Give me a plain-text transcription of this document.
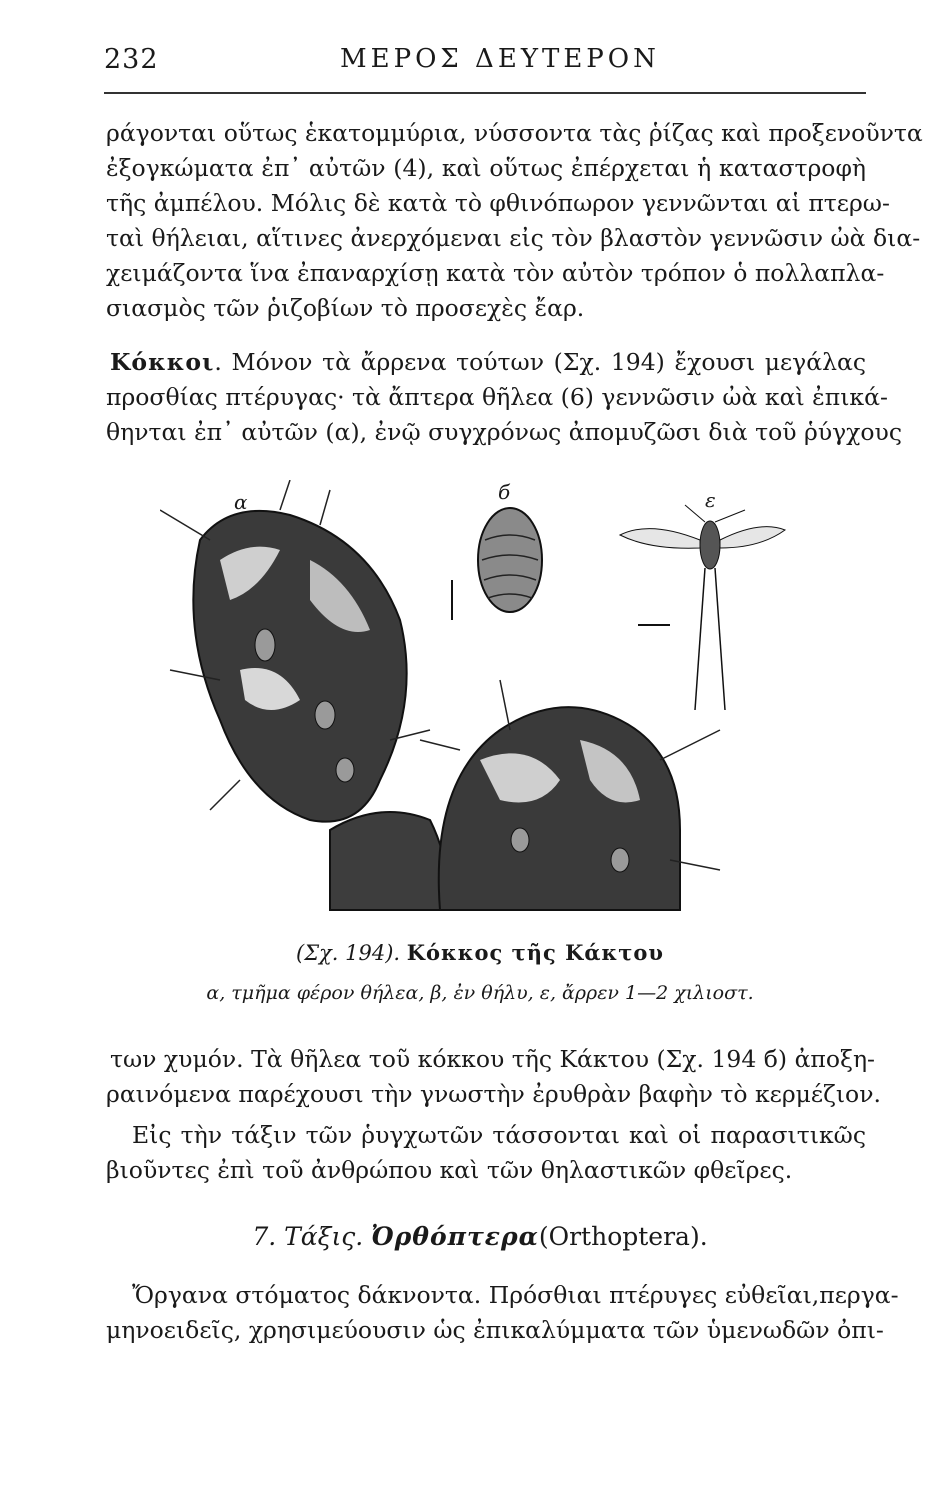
232	ΜΕΡΟΣ ΔΕΥΤΕΡΟΝ
ράγονται οὕτως ἑκατομμύρια, νύσσοντα τὰς ῥίζας καὶ προξενοῦντα
ἐξογκώματα ἐπ᾽ αὐτῶν (4), καὶ οὕτως ἐπέρχεται ἡ καταστροφὴ
τῆς ἀμπέλου. Μόλις δὲ κατὰ τὸ φθινόπωρον γεννῶνται αἱ πτερω-
ταὶ θήλειαι, αἵτινες ἀνερχόμεναι εἰς τὸν βλαστὸν γεννῶσιν ὠὰ δια-
χειμάζοντα ἵνα ἐπαναρχίσῃ κατὰ τὸν αὐτὸν τρόπον ὁ πολλαπλα-
σιασμὸς τῶν ῥιζοβίων τὸ προσεχὲς ἔαρ.
Κόκκοι. Μόνον τὰ ἄρρενα τούτων (Σχ. 194) ἔχουσι μεγάλας
προσθίας πτέρυγας· τὰ ἄπτερα θῆλεα (6) γεννῶσιν ὠὰ καὶ ἐπικά-
θηνται ἐπ᾽ αὐτῶν (α), ἐνῷ συγχρόνως ἀπομυζῶσι διὰ τοῦ ῥύγχους
α	б	ε
(Σχ. 194). Κόκκος τῆς Κάκτου
α, τμῆμα φέρον θήλεα, β, ἐν θήλυ, ε, ἄρρεν 1—2 χιλιοστ.
των χυμόν. Τὰ θῆλεα τοῦ κόκκου τῆς Κάκτου (Σχ. 194 б) ἀποξη-
ραινόμενα παρέχουσι τὴν γνωστὴν ἐρυθρὰν βαφὴν τὸ κερμέζιον.
Εἰς τὴν τάξιν τῶν ῥυγχωτῶν τάσσονται καὶ οἱ παρασιτικῶς
βιοῦντες ἐπὶ τοῦ ἀνθρώπου καὶ τῶν θηλαστικῶν φθεῖρες.
7. Τάξις. Ὀρθόπτερα(Orthoptera).
Ὄργανα στόματος δάκνοντα. Πρόσθιαι πτέρυγες εὐθεῖαι,περγα-
μηνοειδεῖς, χρησιμεύουσιν ὡς ἐπικαλύμματα τῶν ὑμενωδῶν ὀπι-
